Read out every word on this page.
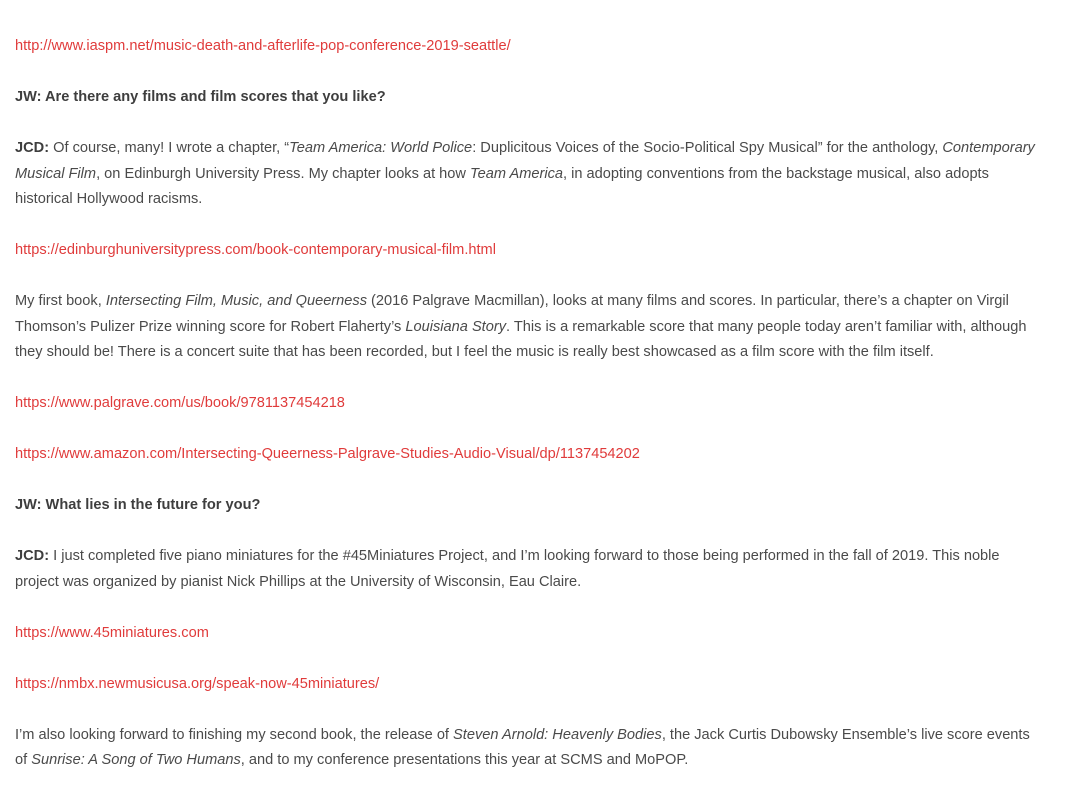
http://www.iaspm.net/music-death-and-afterlife-pop-conference-2019-seattle/

JW: Are there any films and film scores that you like?

JCD: Of course, many! I wrote a chapter, “Team America: World Police: Duplicitous Voices of the Socio-Political Spy Musical” for the anthology, Contemporary Musical Film, on Edinburgh University Press. My chapter looks at how Team America, in adopting conventions from the backstage musical, also adopts historical Hollywood racisms.

https://edinburghuniversitypress.com/book-contemporary-musical-film.html

My first book, Intersecting Film, Music, and Queerness (2016 Palgrave Macmillan), looks at many films and scores. In particular, there’s a chapter on Virgil Thomson’s Pulizer Prize winning score for Robert Flaherty’s Louisiana Story. This is a remarkable score that many people today aren’t familiar with, although they should be! There is a concert suite that has been recorded, but I feel the music is really best showcased as a film score with the film itself.

https://www.palgrave.com/us/book/9781137454218

https://www.amazon.com/Intersecting-Queerness-Palgrave-Studies-Audio-Visual/dp/1137454202

JW: What lies in the future for you?

JCD: I just completed five piano miniatures for the #45Miniatures Project, and I’m looking forward to those being performed in the fall of 2019. This noble project was organized by pianist Nick Phillips at the University of Wisconsin, Eau Claire.

https://www.45miniatures.com

https://nmbx.newmusicusa.org/speak-now-45miniatures/

I’m also looking forward to finishing my second book, the release of Steven Arnold: Heavenly Bodies, the Jack Curtis Dubowsky Ensemble’s live score events of Sunrise: A Song of Two Humans, and to my conference presentations this year at SCMS and MoPOP.
